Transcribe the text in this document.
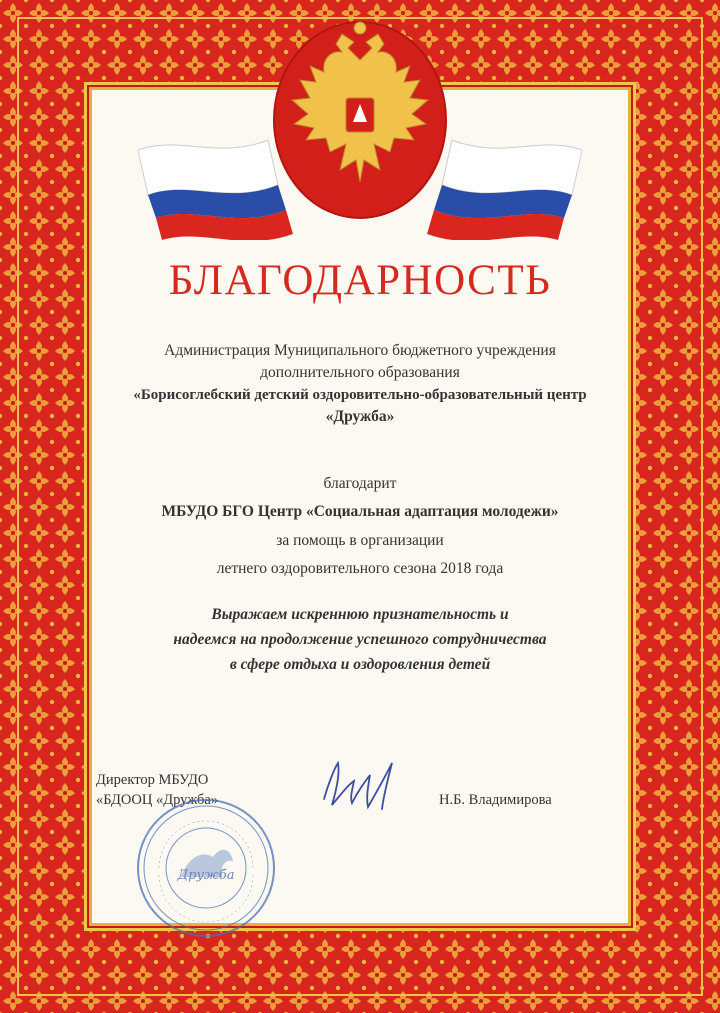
БЛАГОДАРНОСТЬ
Администрация Муниципального бюджетного учреждения
дополнительного образования
«Борисоглебский детский оздоровительно-образовательный центр
«Дружба»
благодарит
МБУДО БГО Центр «Социальная адаптация молодежи»
за помощь в организации
летнего оздоровительного сезона 2018 года
Выражаем искреннюю признательность и
надеемся на продолжение успешного сотрудничества
в сфере отдыха и оздоровления детей
Директор МБУДО
«БДООЦ «Дружба»	Н.Б. Владимирова
Дружба
